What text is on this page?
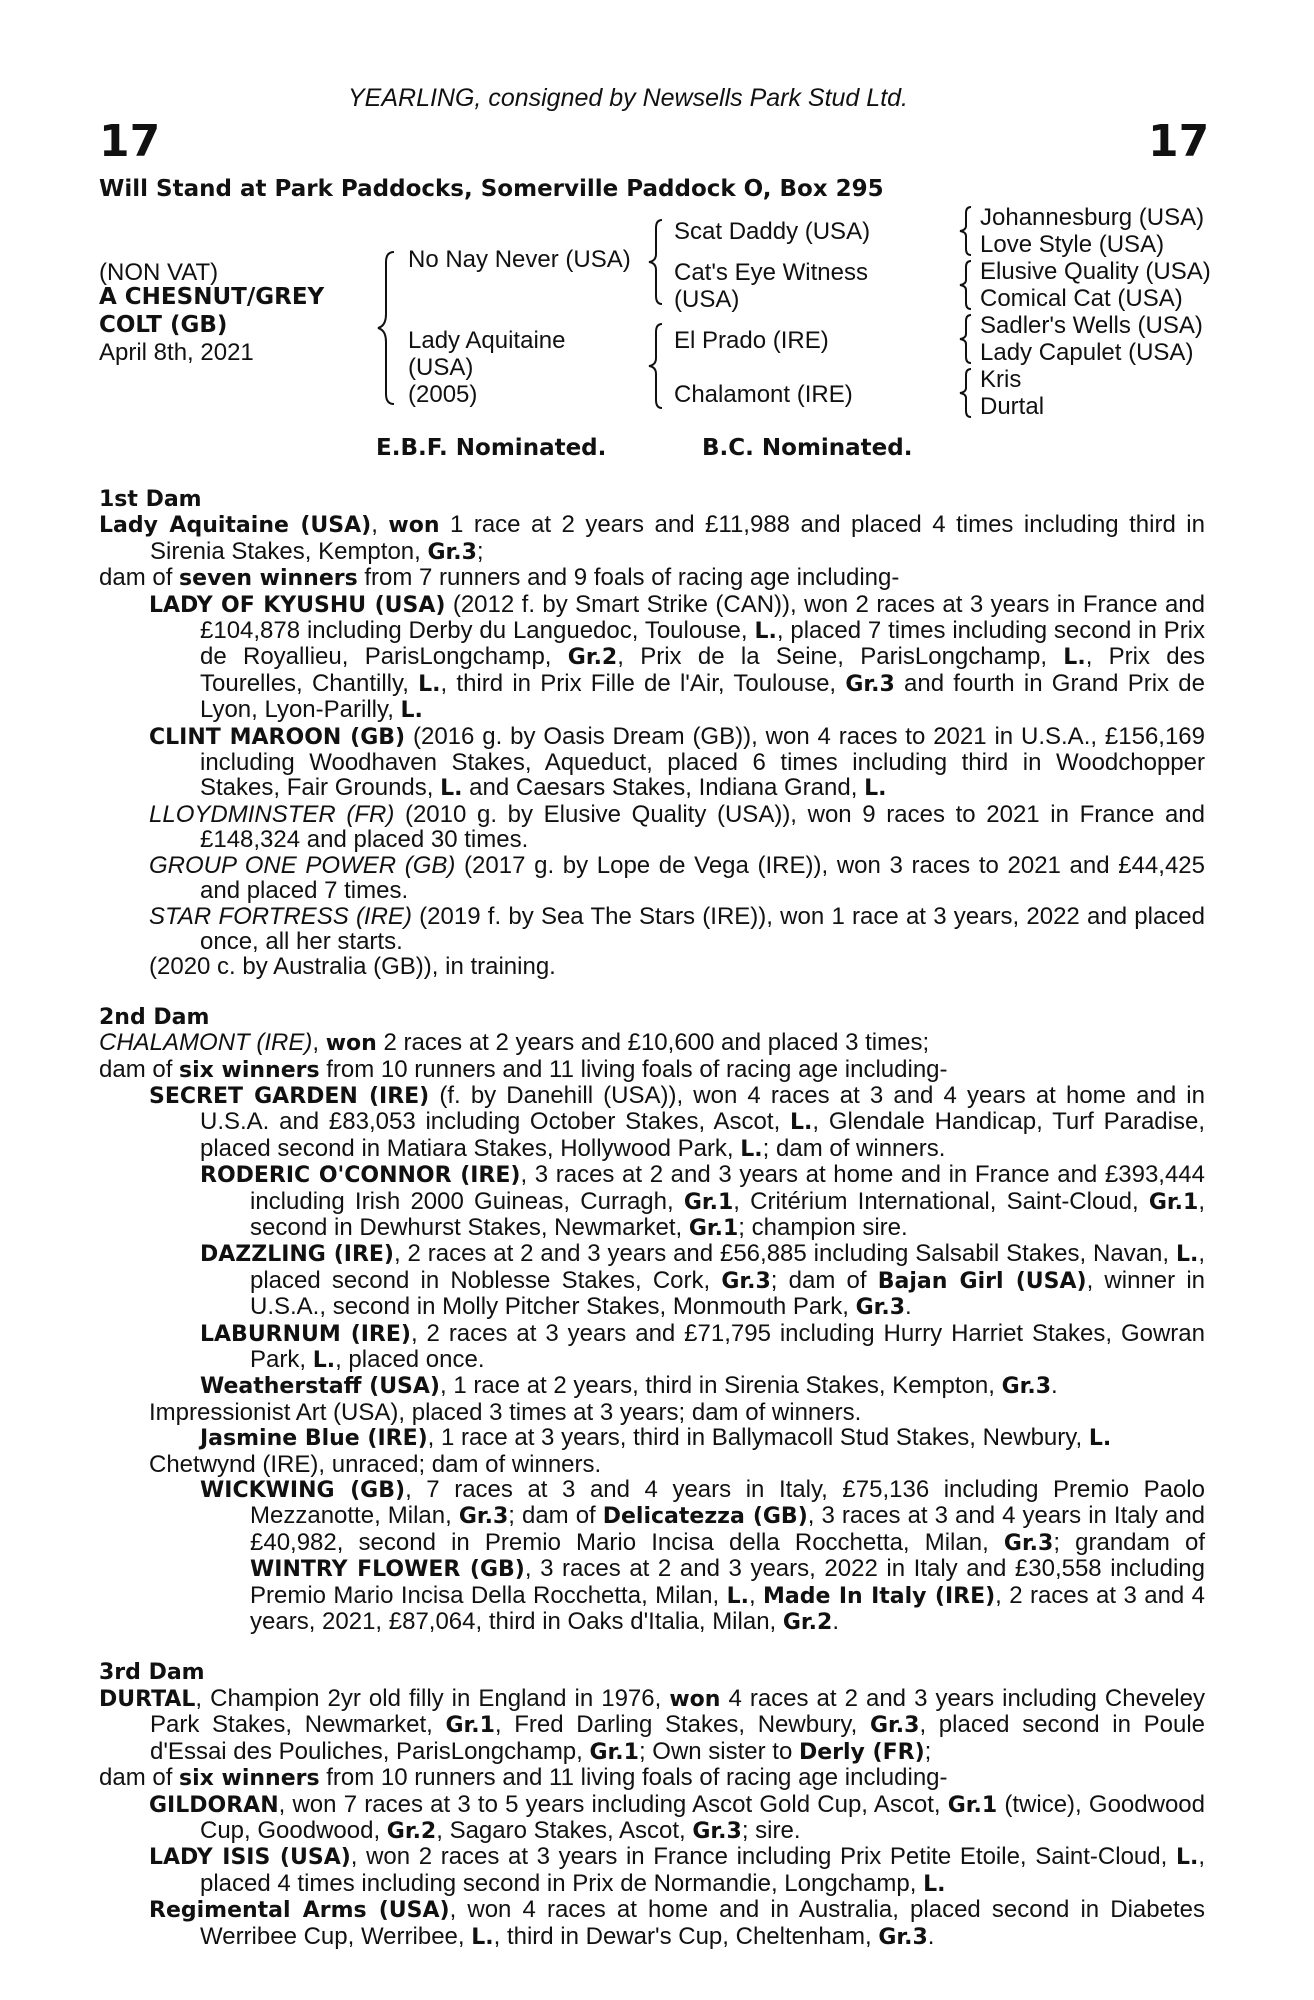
YEARLING, consigned by Newsells Park Stud Ltd.
17	17
Will Stand at Park Paddocks, Somerville Paddock O, Box 295
(NON VAT)
A CHESNUT/GREY
COLT (GB)
April 8th, 2021
No Nay Never (USA)
Lady Aquitaine
(USA)
(2005)
Scat Daddy (USA)
Cat's Eye Witness
(USA)
El Prado (IRE)
Chalamont (IRE)
Johannesburg (USA)
Love Style (USA)
Elusive Quality (USA)
Comical Cat (USA)
Sadler's Wells (USA)
Lady Capulet (USA)
Kris
Durtal
E.B.F. Nominated.	B.C. Nominated.

1st Dam

Lady Aquitaine (USA), won 1 race at 2 years and £11,988 and placed 4 times including third in Sirenia Stakes, Kempton, Gr.3;

dam of seven winners from 7 runners and 9 foals of racing age including-

LADY OF KYUSHU (USA) (2012 f. by Smart Strike (CAN)), won 2 races at 3 years in France and £104,878 including Derby du Languedoc, Toulouse, L., placed 7 times including second in Prix de Royallieu, ParisLongchamp, Gr.2, Prix de la Seine, ParisLongchamp, L., Prix des Tourelles, Chantilly, L., third in Prix Fille de l'Air, Toulouse, Gr.3 and fourth in Grand Prix de Lyon, Lyon-Parilly, L.

CLINT MAROON (GB) (2016 g. by Oasis Dream (GB)), won 4 races to 2021 in U.S.A., £156,169 including Woodhaven Stakes, Aqueduct, placed 6 times including third in Woodchopper Stakes, Fair Grounds, L. and Caesars Stakes, Indiana Grand, L.

LLOYDMINSTER (FR) (2010 g. by Elusive Quality (USA)), won 9 races to 2021 in France and £148,324 and placed 30 times.

GROUP ONE POWER (GB) (2017 g. by Lope de Vega (IRE)), won 3 races to 2021 and £44,425 and placed 7 times.

STAR FORTRESS (IRE) (2019 f. by Sea The Stars (IRE)), won 1 race at 3 years, 2022 and placed once, all her starts.

(2020 c. by Australia (GB)), in training.

2nd Dam

CHALAMONT (IRE), won 2 races at 2 years and £10,600 and placed 3 times;

dam of six winners from 10 runners and 11 living foals of racing age including-

SECRET GARDEN (IRE) (f. by Danehill (USA)), won 4 races at 3 and 4 years at home and in U.S.A. and £83,053 including October Stakes, Ascot, L., Glendale Handicap, Turf Paradise, placed second in Matiara Stakes, Hollywood Park, L.; dam of winners.

RODERIC O'CONNOR (IRE), 3 races at 2 and 3 years at home and in France and £393,444 including Irish 2000 Guineas, Curragh, Gr.1, Critérium International, Saint-Cloud, Gr.1, second in Dewhurst Stakes, Newmarket, Gr.1; champion sire.

DAZZLING (IRE), 2 races at 2 and 3 years and £56,885 including Salsabil Stakes, Navan, L., placed second in Noblesse Stakes, Cork, Gr.3; dam of Bajan Girl (USA), winner in U.S.A., second in Molly Pitcher Stakes, Monmouth Park, Gr.3.

LABURNUM (IRE), 2 races at 3 years and £71,795 including Hurry Harriet Stakes, Gowran Park, L., placed once.

Weatherstaff (USA), 1 race at 2 years, third in Sirenia Stakes, Kempton, Gr.3.

Impressionist Art (USA), placed 3 times at 3 years; dam of winners.

Jasmine Blue (IRE), 1 race at 3 years, third in Ballymacoll Stud Stakes, Newbury, L.

Chetwynd (IRE), unraced; dam of winners.

WICKWING (GB), 7 races at 3 and 4 years in Italy, £75,136 including Premio Paolo Mezzanotte, Milan, Gr.3; dam of Delicatezza (GB), 3 races at 3 and 4 years in Italy and £40,982, second in Premio Mario Incisa della Rocchetta, Milan, Gr.3; grandam of WINTRY FLOWER (GB), 3 races at 2 and 3 years, 2022 in Italy and £30,558 including Premio Mario Incisa Della Rocchetta, Milan, L., Made In Italy (IRE), 2 races at 3 and 4 years, 2021, £87,064, third in Oaks d'Italia, Milan, Gr.2.

3rd Dam

DURTAL, Champion 2yr old filly in England in 1976, won 4 races at 2 and 3 years including Cheveley Park Stakes, Newmarket, Gr.1, Fred Darling Stakes, Newbury, Gr.3, placed second in Poule d'Essai des Pouliches, ParisLongchamp, Gr.1; Own sister to Derly (FR);

dam of six winners from 10 runners and 11 living foals of racing age including-

GILDORAN, won 7 races at 3 to 5 years including Ascot Gold Cup, Ascot, Gr.1 (twice), Goodwood Cup, Goodwood, Gr.2, Sagaro Stakes, Ascot, Gr.3; sire.

LADY ISIS (USA), won 2 races at 3 years in France including Prix Petite Etoile, Saint-Cloud, L., placed 4 times including second in Prix de Normandie, Longchamp, L.

Regimental Arms (USA), won 4 races at home and in Australia, placed second in Diabetes Werribee Cup, Werribee, L., third in Dewar's Cup, Cheltenham, Gr.3.
